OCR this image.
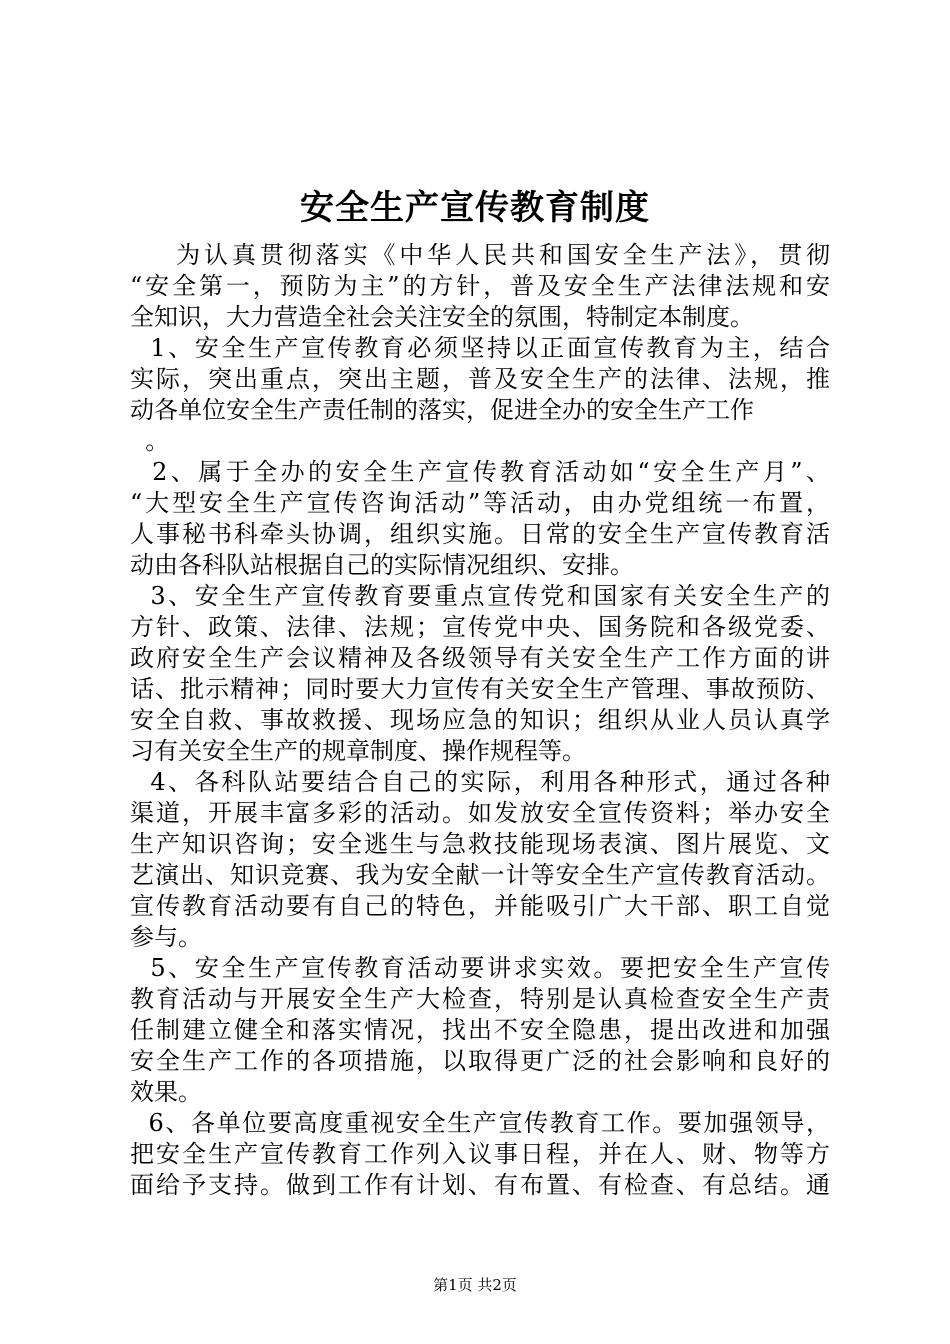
安全生产宣传教育制度
为认真贯彻落实《中华人民共和国安全生产法》，贯彻
“安全第一，预防为主”的方针，普及安全生产法律法规和安
全知识，大力营造全社会关注安全的氛围，特制定本制度。
1、安全生产宣传教育必须坚持以正面宣传教育为主，结合
实际，突出重点，突出主题，普及安全生产的法律、法规，推
动各单位安全生产责任制的落实，促进全办的安全生产工作
。
2、属于全办的安全生产宣传教育活动如“安全生产月”、
“大型安全生产宣传咨询活动”等活动，由办党组统一布置，
人事秘书科牵头协调，组织实施。日常的安全生产宣传教育活
动由各科队站根据自己的实际情况组织、安排。
3、安全生产宣传教育要重点宣传党和国家有关安全生产的
方针、政策、法律、法规；宣传党中央、国务院和各级党委、
政府安全生产会议精神及各级领导有关安全生产工作方面的讲
话、批示精神；同时要大力宣传有关安全生产管理、事故预防、
安全自救、事故救援、现场应急的知识；组织从业人员认真学
习有关安全生产的规章制度、操作规程等。
4、各科队站要结合自己的实际，利用各种形式，通过各种
渠道，开展丰富多彩的活动。如发放安全宣传资料；举办安全
生产知识咨询；安全逃生与急救技能现场表演、图片展览、文
艺演出、知识竞赛、我为安全献一计等安全生产宣传教育活动。
宣传教育活动要有自己的特色，并能吸引广大干部、职工自觉
参与。
5、安全生产宣传教育活动要讲求实效。要把安全生产宣传
教育活动与开展安全生产大检查，特别是认真检查安全生产责
任制建立健全和落实情况，找出不安全隐患，提出改进和加强
安全生产工作的各项措施，以取得更广泛的社会影响和良好的
效果。
6、各单位要高度重视安全生产宣传教育工作。要加强领导，
把安全生产宣传教育工作列入议事日程，并在人、财、物等方
面给予支持。做到工作有计划、有布置、有检查、有总结。通
第1页 共2页
